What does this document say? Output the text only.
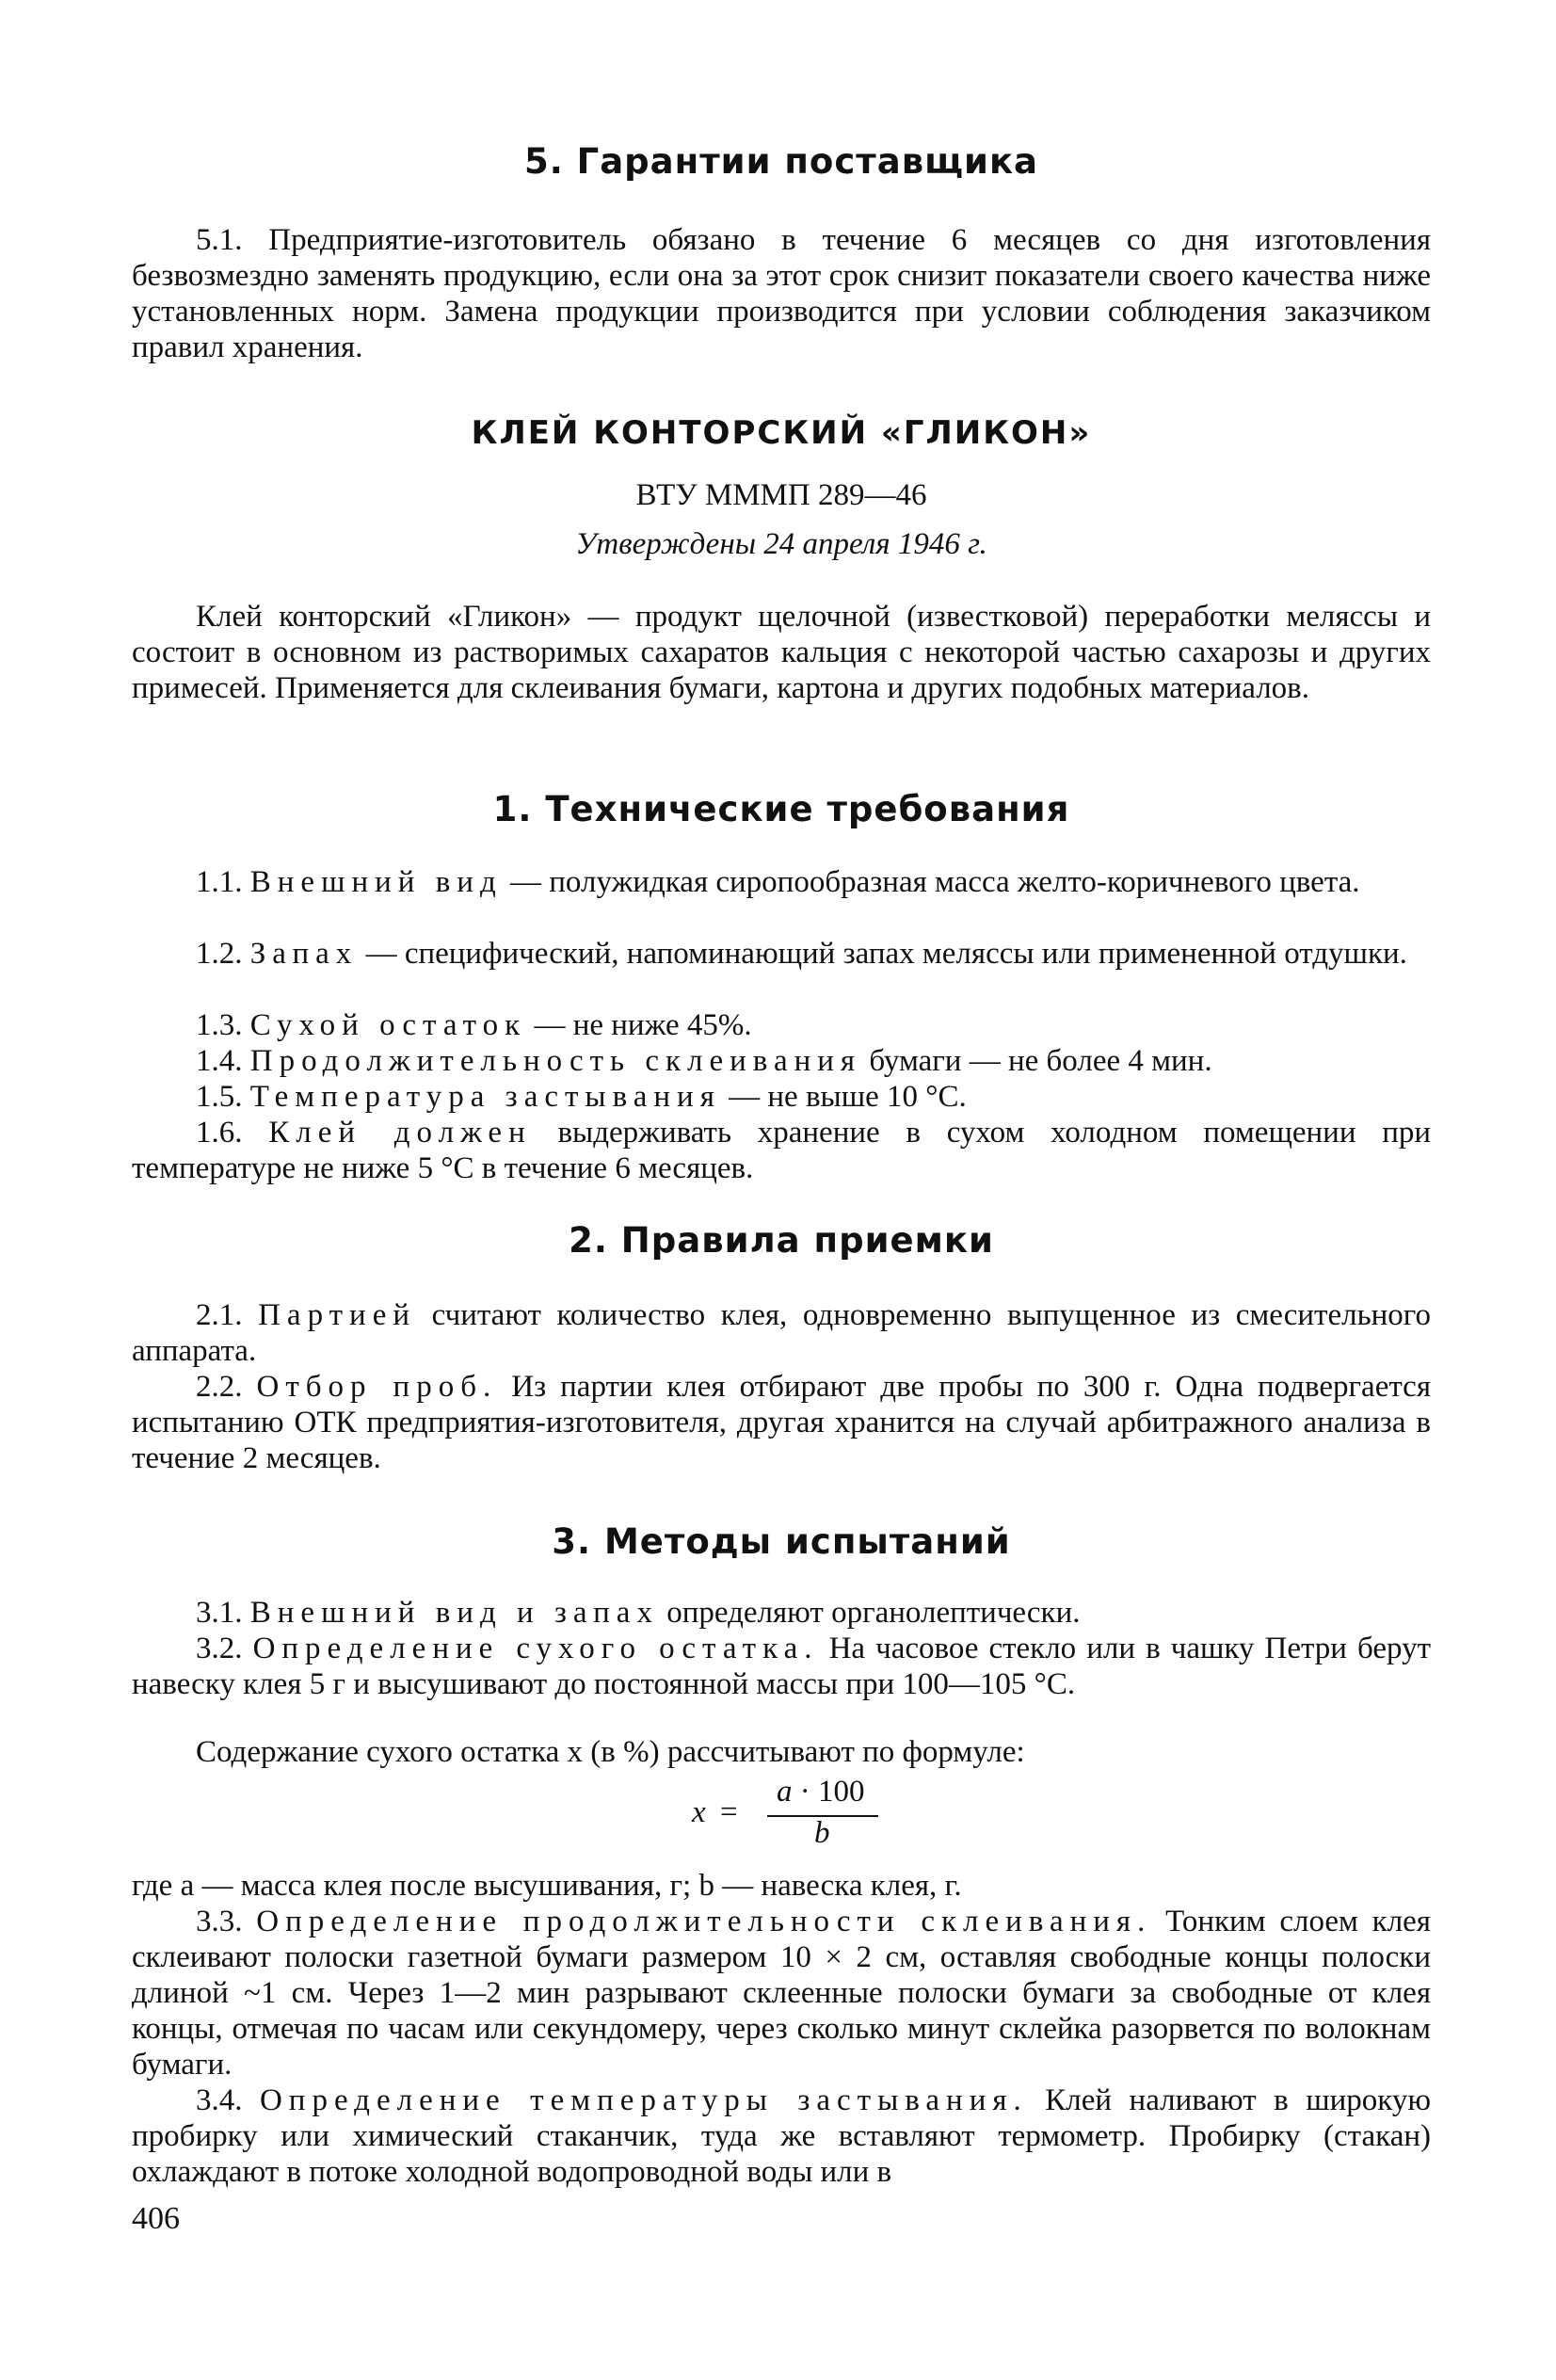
5. Гарантии поставщика
5.1. Предприятие-изготовитель обязано в течение 6 месяцев со дня изготовления безвозмездно заменять продукцию, если она за этот срок снизит показатели своего качества ниже установленных норм. Замена продукции производится при условии соблюдения заказчиком правил хранения.
КЛЕЙ КОНТОРСКИЙ «ГЛИКОН»
ВТУ МММП 289—46
Утверждены 24 апреля 1946 г.
Клей конторский «Гликон» — продукт щелочной (известковой) переработки меляссы и состоит в основном из растворимых сахаратов кальция с некоторой частью сахарозы и других примесей. Применяется для склеивания бумаги, картона и других подобных материалов.
1. Технические требования
1.1. Внешний вид — полужидкая сиропообразная масса желто-коричневого цвета.
1.2. Запах — специфический, напоминающий запах меляссы или примененной отдушки.
1.3. Сухой остаток — не ниже 45%.
1.4. Продолжительность склеивания бумаги — не более 4 мин.
1.5. Температура застывания — не выше 10 °С.
1.6. Клей должен выдерживать хранение в сухом холодном помещении при температуре не ниже 5 °С в течение 6 месяцев.
2. Правила приемки
2.1. Партией считают количество клея, одновременно выпущенное из смесительного аппарата.
2.2. Отбор проб. Из партии клея отбирают две пробы по 300 г. Одна подвергается испытанию ОТК предприятия-изготовителя, другая хранится на случай арбитражного анализа в течение 2 месяцев.
3. Методы испытаний
3.1. Внешний вид и запах определяют органолептически.
3.2. Определение сухого остатка. На часовое стекло или в чашку Петри берут навеску клея 5 г и высушивают до постоянной массы при 100—105 °С.
Содержание сухого остатка x (в %) рассчитывают по формуле:
x =
a · 100
b
где a — масса клея после высушивания, г; b — навеска клея, г.
3.3. Определение продолжительности склеивания. Тонким слоем клея склеивают полоски газетной бумаги размером 10 × 2 см, оставляя свободные концы полоски длиной ~1 см. Через 1—2 мин разрывают склеенные полоски бумаги за свободные от клея концы, отмечая по часам или секундомеру, через сколько минут склейка разорвется по волокнам бумаги.
3.4. Определение температуры застывания. Клей наливают в широкую пробирку или химический стаканчик, туда же вставляют термометр. Пробирку (стакан) охлаждают в потоке холодной водопроводной воды или в
406
